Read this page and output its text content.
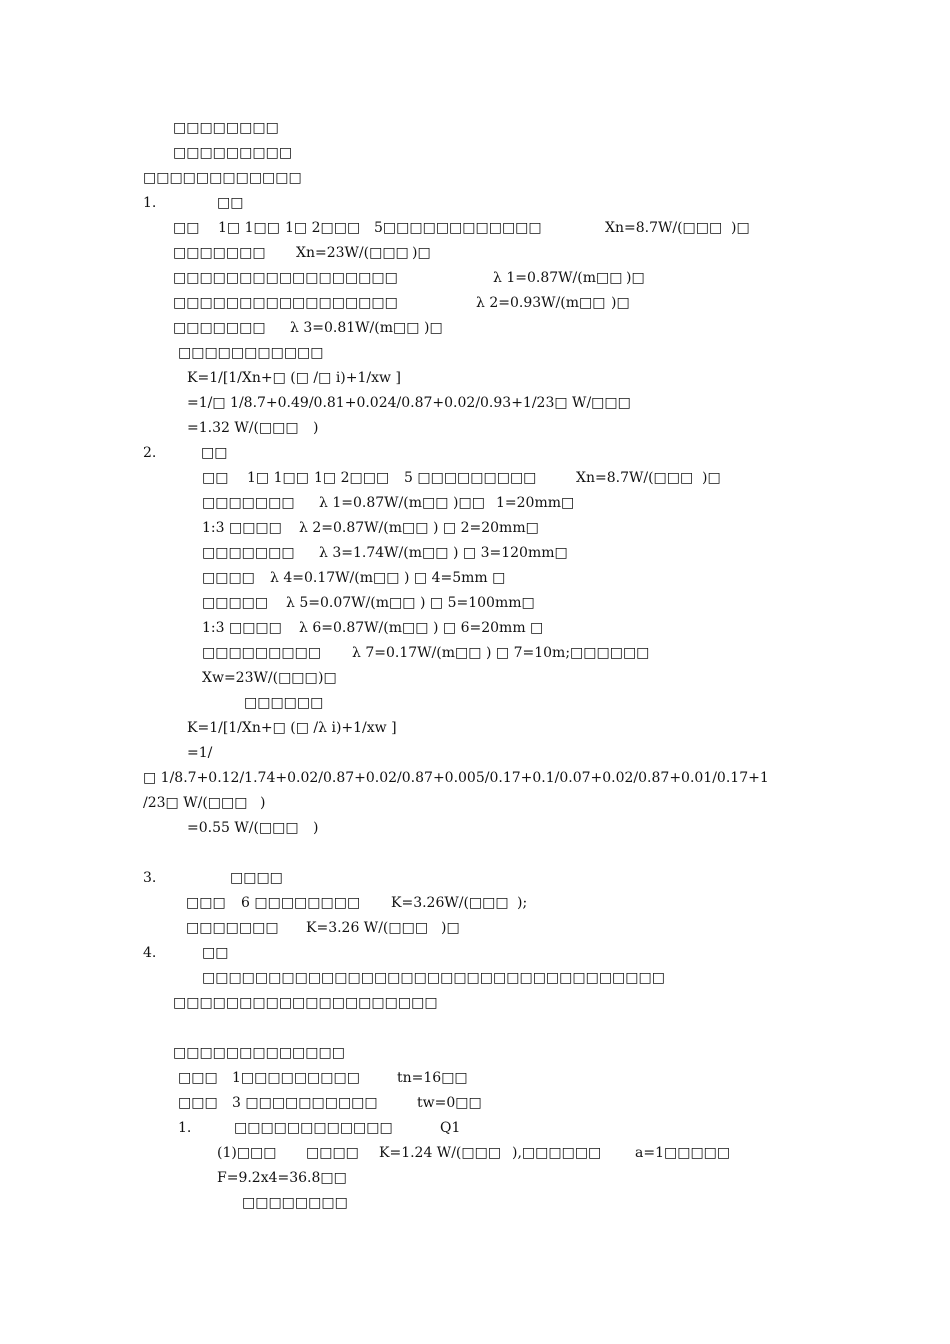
□□□□□□□□

□□□□□□□□□

□□□□□□□□□□□□

1.

	□□

□□

1□ 1□□

1□ 2□□□

5□□□□□□□□□□□□

	Xn=8.7W/(□□□

)□

□□□□□□□

Xn=23W/(□□□

)□

□□□□□□□□□□□□□□□□□

	λ 1=0.87W/(m□□

)□

□□□□□□□□□□□□□□□□□

	λ 2=0.93W/(m□□

)□

□□□□□□□

λ 3=0.81W/(m□□

)□

□□□□□□□□□□□

K=1/[1/Xn+□ (□ /□ i)+1/xw ]

=1/□ 1/8.7+0.49/0.81+0.024/0.87+0.02/0.93+1/23□ W/□□□

=1.32 W/(□□□

)

2.

	□□

□□

1□ 1□□

1□ 2□□□

5 □□□□□□□□□

	Xn=8.7W/(□□□

)□

□□□□□□□

λ 1=0.87W/(m□□

)□□

1=20mm□

1:3 □□□□

λ 2=0.87W/(m□□

) □ 2=20mm□

□□□□□□□

λ 3=1.74W/(m□□

) □ 3=120mm□

□□□□

λ 4=0.17W/(m□□

) □ 4=5mm □

□□□□□

λ 5=0.07W/(m□□

) □ 5=100mm□

1:3 □□□□

λ 6=0.87W/(m□□

) □ 6=20mm □

□□□□□□□□□

λ 7=0.17W/(m□□

) □ 7=10m;□□□□□□

Xw=23W/(□□□

)□

□□□□□□

K=1/[1/Xn+□ (□ /λ i)+1/xw ]

=1/

□ 1/8.7+0.12/1.74+0.02/0.87+0.02/0.87+0.005/0.17+0.1/0.07+0.02/0.87+0.01/0.17+1

/23□ W/(□□□

)

=0.55 W/(□□□

)

3.

	□□□□

□□□

6 □□□□□□□□

K=3.26W/(□□□

);

□□□□□□□

K=3.26 W/(□□□

)□

4.

	□□

□□□□□□□□□□□□□□□□□□□□□□□□□□□□□□□□□□□

□□□□□□□□□□□□□□□□□□□□

□□□□□□□□□□□□□

□□□

1□□□□□□□□□

	tn=16□□

□□□

3 □□□□□□□□□□

	tw=0□□

1.

	□□□□□□□□□□□□

	Q1

(1)□□□

□□□□

K=1.24 W/(□□□

),□□□□□□

a=1□□□□□

F=9.2x4=36.8□□

□□□□□□□□
